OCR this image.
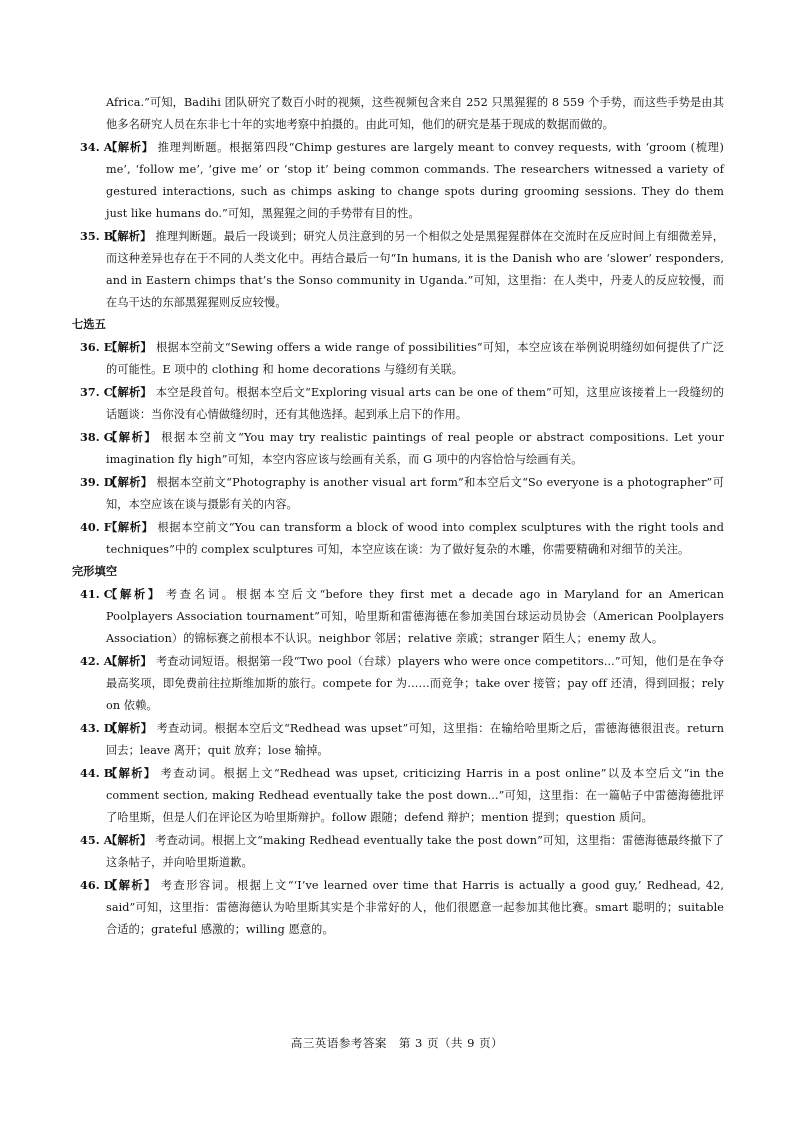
Africa.”可知，Badihi 团队研究了数百小时的视频，这些视频包含来自 252 只黑猩猩的 8 559 个手势，而这些手势是由其他多名研究人员在东非七十年的实地考察中拍摄的。由此可知，他们的研究是基于现成的数据而做的。

34. A
【解析】 推理判断题。根据第四段“Chimp gestures are largely meant to convey requests, with ‘groom (梳理) me’, ‘follow me’, ‘give me’ or ‘stop it’ being common commands. The researchers witnessed a variety of gestured interactions, such as chimps asking to change spots during grooming sessions. They do them just like humans do.”可知，黑猩猩之间的手势带有目的性。
35. B
【解析】 推理判断题。最后一段谈到；研究人员注意到的另一个相似之处是黑猩猩群体在交流时在反应时间上有细微差异，而这种差异也存在于不同的人类文化中。再结合最后一句“In humans, it is the Danish who are ‘slower’ responders, and in Eastern chimps that’s the Sonso community in Uganda.”可知，这里指：在人类中，丹麦人的反应较慢，而在乌干达的东部黑猩猩则反应较慢。

七选五

36. E
【解析】 根据本空前文“Sewing offers a wide range of possibilities”可知，本空应该在举例说明缝纫如何提供了广泛的可能性。E 项中的 clothing 和 home decorations 与缝纫有关联。
37. C
【解析】 本空是段首句。根据本空后文“Exploring visual arts can be one of them”可知，这里应该接着上一段缝纫的话题谈：当你没有心情做缝纫时，还有其他选择。起到承上启下的作用。
38. G
【解析】 根据本空前文“You may try realistic paintings of real people or abstract compositions. Let your imagination fly high”可知，本空内容应该与绘画有关系，而 G 项中的内容恰恰与绘画有关。
39. D
【解析】 根据本空前文“Photography is another visual art form”和本空后文“So everyone is a photographer”可知，本空应该在谈与摄影有关的内容。
40. F
【解析】 根据本空前文“You can transform a block of wood into complex sculptures with the right tools and techniques”中的 complex sculptures 可知，本空应该在谈：为了做好复杂的木雕，你需要精确和对细节的关注。

完形填空

41. C
【解析】 考查名词。根据本空后文“before they first met a decade ago in Maryland for an American Poolplayers Association tournament”可知，哈里斯和雷德海德在参加美国台球运动员协会（American Poolplayers Association）的锦标赛之前根本不认识。neighbor 邻居；relative 亲戚；stranger 陌生人；enemy 敌人。
42. A
【解析】 考查动词短语。根据第一段“Two pool（台球）players who were once competitors...”可知，他们是在争夺最高奖项，即免费前往拉斯维加斯的旅行。compete for 为……而竞争；take over 接管；pay off 还清，得到回报；rely on 依赖。
43. D
【解析】 考查动词。根据本空后文“Redhead was upset”可知，这里指：在输给哈里斯之后，雷德海德很沮丧。return 回去；leave 离开；quit 放弃；lose 输掉。
44. B
【解析】 考查动词。根据上文“Redhead was upset, criticizing Harris in a post online”以及本空后文“in the comment section, making Redhead eventually take the post down...”可知，这里指：在一篇帖子中雷德海德批评了哈里斯，但是人们在评论区为哈里斯辩护。follow 跟随；defend 辩护；mention 提到；question 质问。
45. A
【解析】 考查动词。根据上文“making Redhead eventually take the post down”可知，这里指：雷德海德最终撤下了这条帖子，并向哈里斯道歉。
46. D
【解析】 考查形容词。根据上文“‘I’ve learned over time that Harris is actually a good guy,’ Redhead, 42, said”可知，这里指：雷德海德认为哈里斯其实是个非常好的人，他们很愿意一起参加其他比赛。smart 聪明的；suitable 合适的；grateful 感激的；willing 愿意的。
高三英语参考答案　第 3 页（共 9 页）
